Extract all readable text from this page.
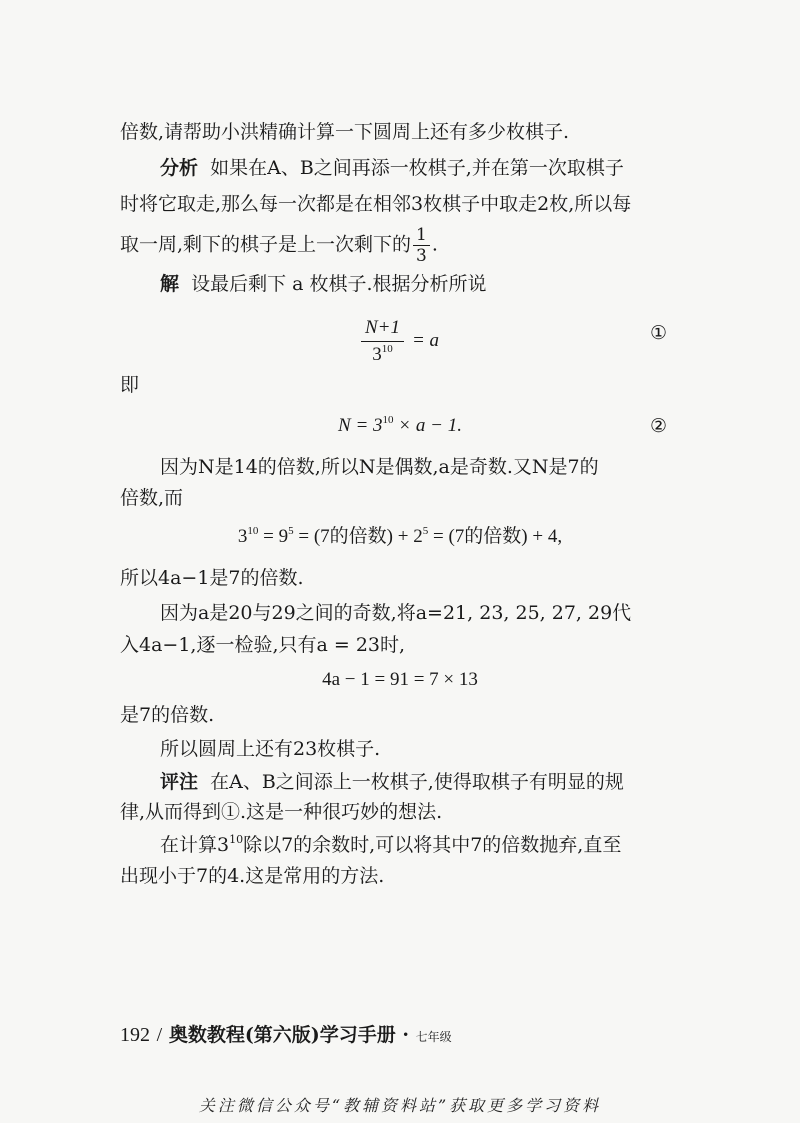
倍数,请帮助小洪精确计算一下圆周上还有多少枚棋子.
分析 如果在A、B之间再添一枚棋子,并在第一次取棋子
时将它取走,那么每一次都是在相邻3枚棋子中取走2枚,所以每
取一周,剩下的棋子是上一次剩下的 $\frac{1}{3}$ .
解 设最后剩下 a 枚棋子.根据分析所说
$\frac{N+1}{3^{10}} = a$	①
即
$N = 3^{10} \times a - 1$.	②
因为N是14的倍数,所以N是偶数,a是奇数.又N是7的
倍数,而
$3^{10} = 9^5 = (7$的倍数) + $2^5 = (7$的倍数) + 4,
所以4a−1是7的倍数.
因为a是20与29之间的奇数,将a=21, 23, 25, 27, 29代
入4a−1,逐一检验,只有a = 23时,
4a − 1 = 91 = 7 × 13
是7的倍数.
所以圆周上还有23枚棋子.
评注 在A、B之间添上一枚棋子,使得取棋子有明显的规
律,从而得到①.这是一种很巧妙的想法.
在计算$3^{10}$除以7的余数时,可以将其中7的倍数抛弃,直至
出现小于7的4.这是常用的方法.
192 / 奥数教程(第六版)学习手册 · 七年级
关注微信公众号“教辅资料站”获取更多学习资料
